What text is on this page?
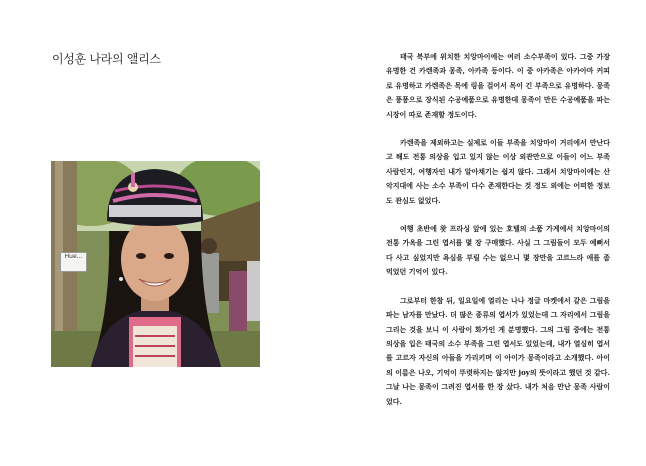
이성훈 나라의 앨리스
Hue...

태국 북부에 위치한 치앙마이에는 여러 소수부족이 있다. 그중 가장 유명한 건 카렌족과 몽족, 아카족 등이다. 이 중 아카족은 아카아마 커피로 유명하고 카렌족은 목에 링을 걸어서 목이 긴 부족으로 유명하다. 몽족은 퐁퐁으로 장식된 수공예품으로 유명한데 몽족이 만든 수공예품을 파는 시장이 따로 존재할 정도이다.

카렌족을 제외하고는 실제로 이들 부족을 치앙마이 거리에서 만난다고 해도 전통 의상을 입고 있지 않는 이상 외관만으로 이들이 어느 부족 사람인지, 여행자인 내가 알아채기는 쉽지 않다. 그래서 치앙마이에는 산악지대에 사는 소수 부족이 다수 존재한다는 것 정도 외에는 어떠한 정보도 관심도 없었다.

여행 초반에 왓 프라싱 앞에 있는 호텔의 소품 가게에서 치앙마이의 전통 가옥을 그린 엽서를 몇 장 구매했다. 사실 그 그림들이 모두 예뻐서 다 사고 싶었지만 욕심을 부릴 수는 없으니 몇 장만을 고르느라 애를 좀 먹었던 기억이 있다.

그로부터 한참 뒤, 일요일에 열리는 나나 정글 마켓에서 같은 그림을 파는 남자를 만났다. 더 많은 종류의 엽서가 있었는데 그 자리에서 그림을 그리는 것을 보니 이 사람이 화가인 게 분명했다. 그의 그림 중에는 전통 의상을 입은 태국의 소수 부족을 그린 엽서도 있었는데, 내가 열심히 엽서를 고르자 자신의 아들을 가리키며 이 아이가 몽족이라고 소개했다. 아이의 이름은 나오, 기억이 뚜렷하지는 않지만 joy의 뜻이라고 했던 것 같다. 그날 나는 몽족이 그려진 엽서를 한 장 샀다. 내가 처음 만난 몽족 사람이었다.
